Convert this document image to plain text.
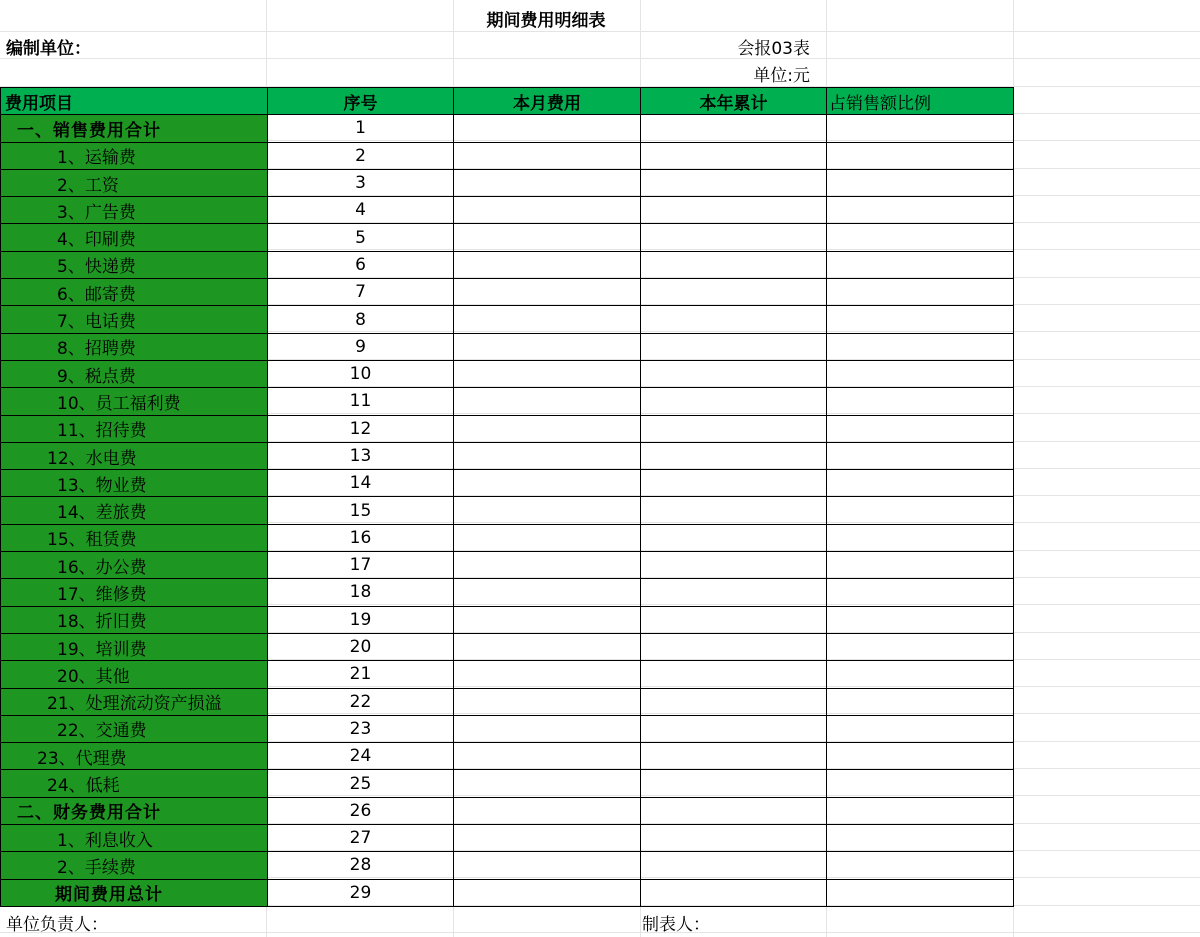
期间费用明细表
编制单位：	会报03表
单位:元
费用项目	序号	本月费用	本年累计	占销售额比例
一、销售费用合计	1			
1、运输费	2			
2、工资	3			
3、广告费	4			
4、印刷费	5			
5、快递费	6			
6、邮寄费	7			
7、电话费	8			
8、招聘费	9			
9、税点费	10			
10、员工福利费	11			
11、招待费	12			
12、水电费	13			
13、物业费	14			
14、差旅费	15			
15、租赁费	16			
16、办公费	17			
17、维修费	18			
18、折旧费	19			
19、培训费	20			
20、其他	21			
21、处理流动资产损溢	22			
22、交通费	23			
23、代理费	24			
24、低耗	25			
二、财务费用合计	26			
1、利息收入	27			
2、手续费	28			
期间费用总计	29			
单位负责人：	制表人：
